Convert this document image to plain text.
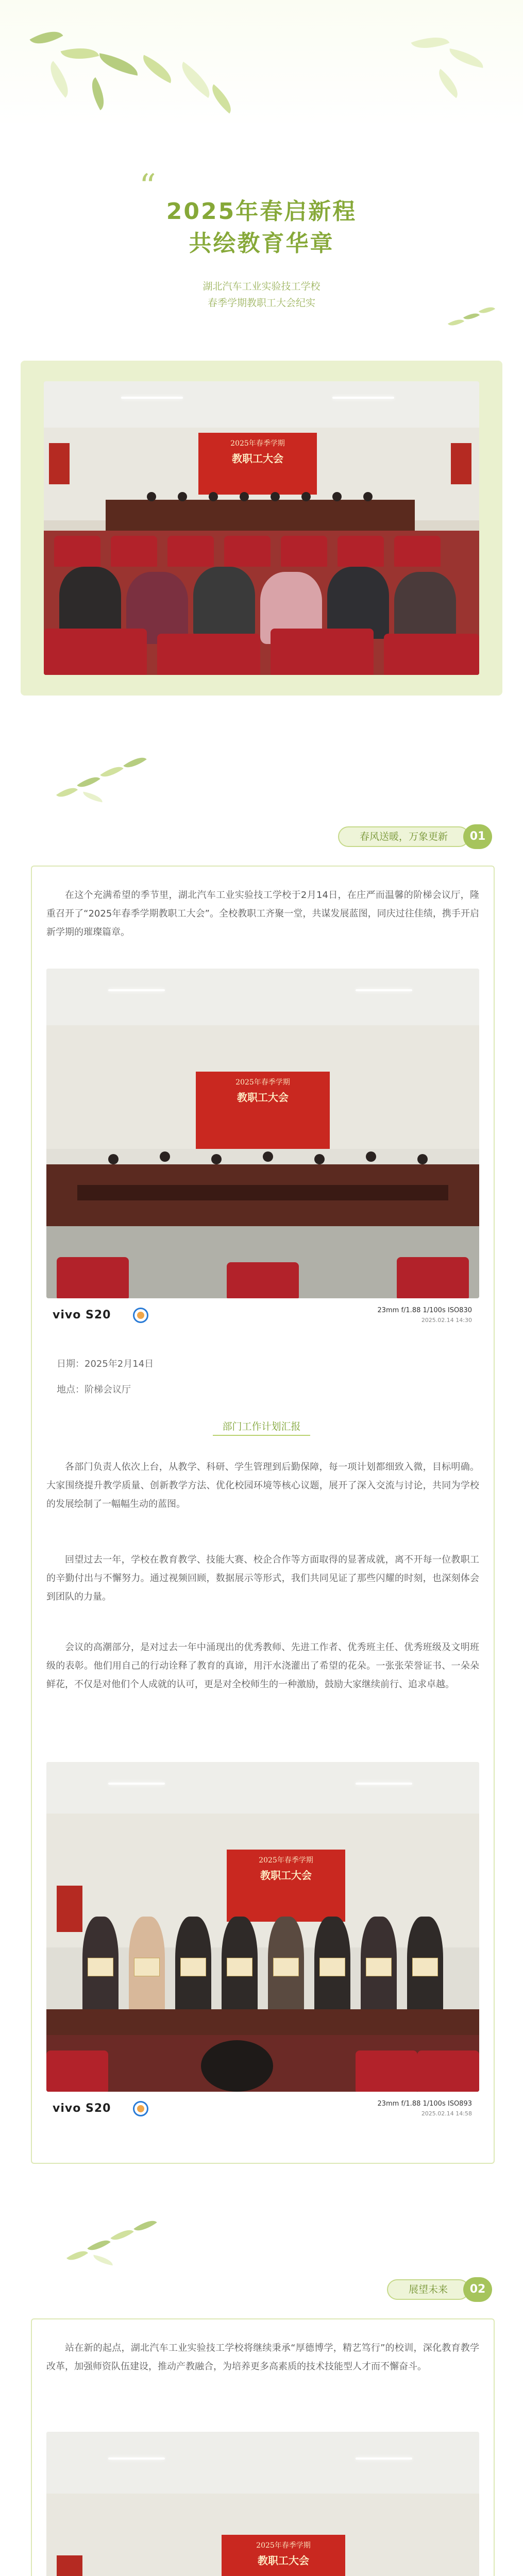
“
2025年春启新程
共绘教育华章
湖北汽车工业实验技工学校
春季学期教职工大会纪实
2025年春季学期
教职工大会
春风送暖，万象更新	01
在这个充满希望的季节里，湖北汽车工业实验技工学校于2月14日，在庄严而温馨的阶梯会议厅，隆重召开了“2025年春季学期教职工大会”。全校教职工齐聚一堂，共谋发展蓝图，同庆过往佳绩，携手开启新学期的璀璨篇章。
2025年春季学期
教职工大会
vivo S20	23mm f/1.88 1/100s ISO830
2025.02.14 14:30
日期：2025年2月14日
地点：阶梯会议厅
部门工作计划汇报
各部门负责人依次上台，从教学、科研、学生管理到后勤保障，每一项计划都细致入微，目标明确。大家围绕提升教学质量、创新教学方法、优化校园环境等核心议题，展开了深入交流与讨论，共同为学校的发展绘制了一幅幅生动的蓝图。
回望过去一年，学校在教育教学、技能大赛、校企合作等方面取得的显著成就，离不开每一位教职工的辛勤付出与不懈努力。通过视频回顾，数据展示等形式，我们共同见证了那些闪耀的时刻，也深刻体会到团队的力量。
会议的高潮部分，是对过去一年中涌现出的优秀教师、先进工作者、优秀班主任、优秀班级及文明班级的表彰。他们用自己的行动诠释了教育的真谛，用汗水浇灌出了希望的花朵。一张张荣誉证书、一朵朵鲜花，不仅是对他们个人成就的认可，更是对全校师生的一种激励，鼓励大家继续前行、追求卓越。
2025年春季学期
教职工大会
vivo S20	23mm f/1.88 1/100s ISO893
2025.02.14 14:58
展望未来	02
站在新的起点，湖北汽车工业实验技工学校将继续秉承“厚德博学，精艺笃行”的校训，深化教育教学改革，加强师资队伍建设，推动产教融合，为培养更多高素质的技术技能型人才而不懈奋斗。
2025年春季学期
教职工大会
